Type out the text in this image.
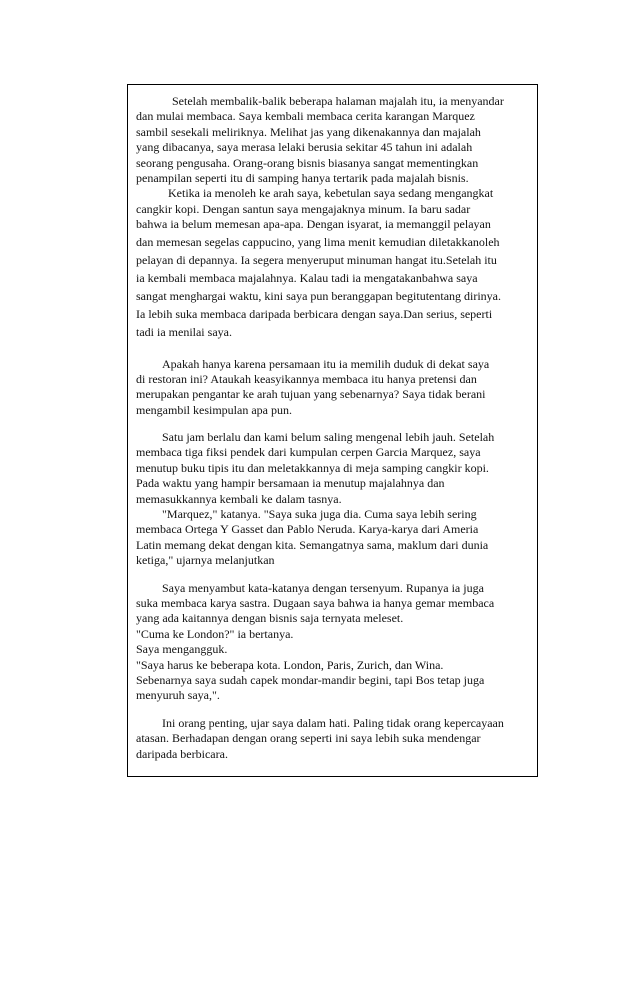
Setelah membalik-balik beberapa halaman majalah itu, ia menyandar
dan mulai membaca. Saya kembali membaca cerita karangan Marquez
sambil sesekali meliriknya. Melihat jas yang dikenakannya dan majalah
yang dibacanya, saya merasa lelaki berusia sekitar 45 tahun ini adalah
seorang pengusaha. Orang-orang bisnis biasanya sangat mementingkan
penampilan seperti itu di samping hanya tertarik pada majalah bisnis.
Ketika ia menoleh ke arah saya, kebetulan saya sedang mengangkat
cangkir kopi. Dengan santun saya mengajaknya minum. Ia baru sadar
bahwa ia belum memesan apa-apa. Dengan isyarat, ia memanggil pelayan
dan memesan segelas cappucino, yang lima menit kemudian diletakkanoleh
pelayan di depannya. Ia segera menyeruput minuman hangat itu.Setelah itu
ia kembali membaca majalahnya. Kalau tadi ia mengatakanbahwa saya
sangat menghargai waktu, kini saya pun beranggapan begitutentang dirinya.
Ia lebih suka membaca daripada berbicara dengan saya.Dan serius, seperti
tadi ia menilai saya.
Apakah hanya karena persamaan itu ia memilih duduk di dekat saya
di restoran ini? Ataukah keasyikannya membaca itu hanya pretensi dan
merupakan pengantar ke arah tujuan yang sebenarnya? Saya tidak berani
mengambil kesimpulan apa pun.
Satu jam berlalu dan kami belum saling mengenal lebih jauh. Setelah
membaca tiga fiksi pendek dari kumpulan cerpen Garcia Marquez, saya
menutup buku tipis itu dan meletakkannya di meja samping cangkir kopi.
Pada waktu yang hampir bersamaan ia menutup majalahnya dan
memasukkannya kembali ke dalam tasnya.
"Marquez," katanya. "Saya suka juga dia. Cuma saya lebih sering
membaca Ortega Y Gasset dan Pablo Neruda. Karya-karya dari Ameria
Latin memang dekat dengan kita. Semangatnya sama, maklum dari dunia
ketiga," ujarnya melanjutkan
Saya menyambut kata-katanya dengan tersenyum. Rupanya ia juga
suka membaca karya sastra. Dugaan saya bahwa ia hanya gemar membaca
yang ada kaitannya dengan bisnis saja ternyata meleset.
"Cuma ke London?" ia bertanya.
Saya mengangguk.
"Saya harus ke beberapa kota. London, Paris, Zurich, dan Wina.
Sebenarnya saya sudah capek mondar-mandir begini, tapi Bos tetap juga
menyuruh saya,".
Ini orang penting, ujar saya dalam hati. Paling tidak orang kepercayaan
atasan. Berhadapan dengan orang seperti ini saya lebih suka mendengar
daripada berbicara.
